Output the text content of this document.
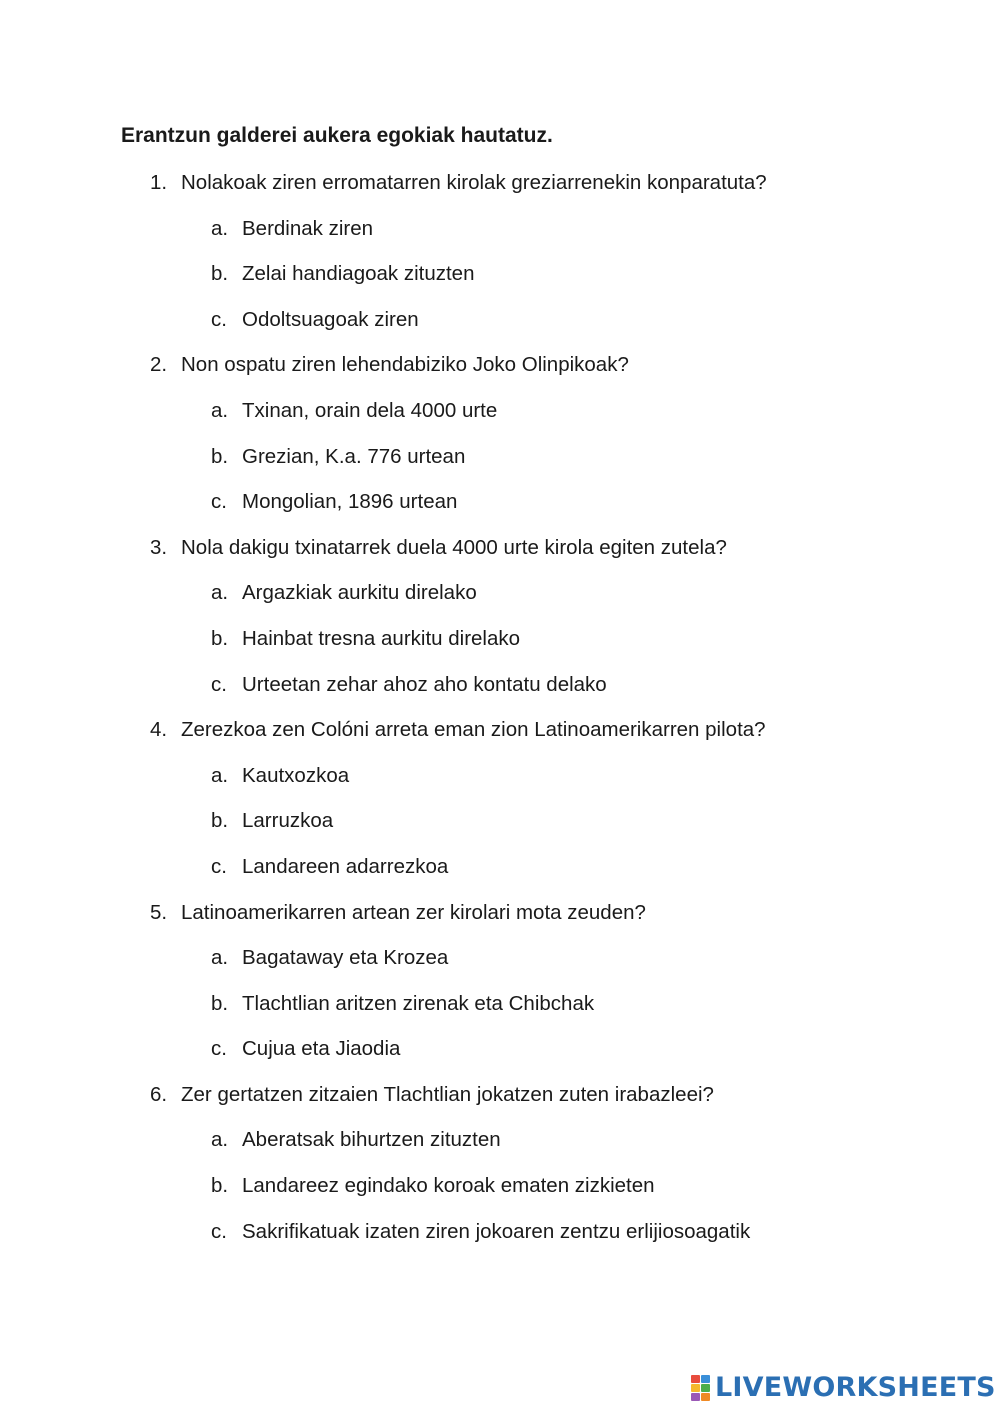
Erantzun galderei aukera egokiak hautatuz.
1. Nolakoak ziren erromatarren kirolak greziarrenekin konparatuta?
a. Berdinak ziren
b. Zelai handiagoak zituzten
c. Odoltsuagoak ziren
2. Non ospatu ziren lehendabiziko Joko Olinpikoak?
a. Txinan, orain dela 4000 urte
b. Grezian, K.a. 776 urtean
c. Mongolian, 1896 urtean
3. Nola dakigu txinatarrek duela 4000 urte kirola egiten zutela?
a. Argazkiak aurkitu direlako
b. Hainbat tresna aurkitu direlako
c. Urteetan zehar ahoz aho kontatu delako
4. Zerezkoa zen Colóni arreta eman zion Latinoamerikarren pilota?
a. Kautxozkoa
b. Larruzkoa
c. Landareen adarrezkoa
5. Latinoamerikarren artean zer kirolari mota zeuden?
a. Bagataway eta Krozea
b. Tlachtlian aritzen zirenak eta Chibchak
c. Cujua eta Jiaodia
6. Zer gertatzen zitzaien Tlachtlian jokatzen zuten irabazleei?
a. Aberatsak bihurtzen zituzten
b. Landareez egindako koroak ematen zizkieten
c. Sakrifikatuak izaten ziren jokoaren zentzu erlijiosoagatik
LIVEWORKSHEETS
